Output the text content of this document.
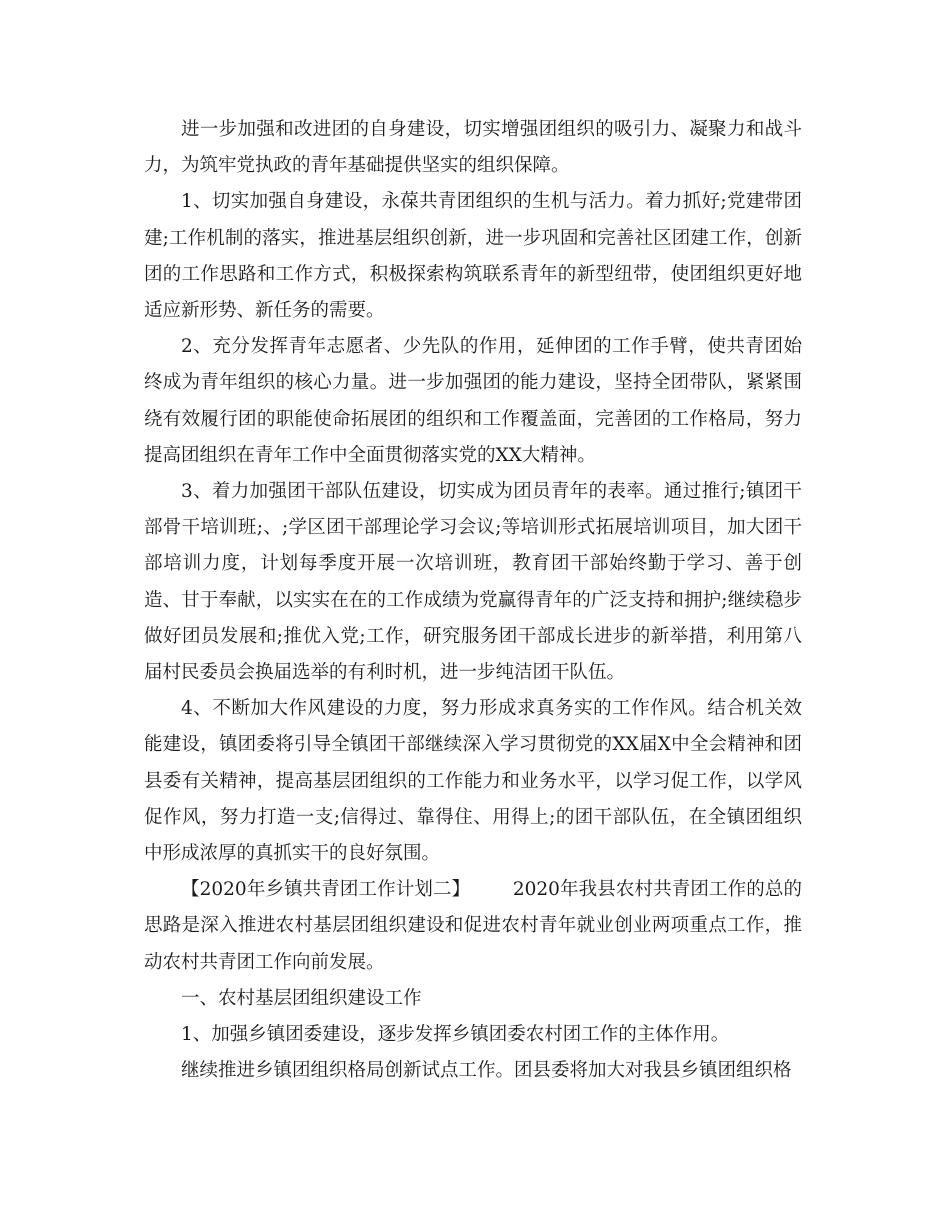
进一步加强和改进团的自身建设，切实增强团组织的吸引力、凝聚力和战斗力，为筑牢党执政的青年基础提供坚实的组织保障。

1、切实加强自身建设，永葆共青团组织的生机与活力。着力抓好;党建带团建;工作机制的落实，推进基层组织创新，进一步巩固和完善社区团建工作，创新团的工作思路和工作方式，积极探索构筑联系青年的新型纽带，使团组织更好地适应新形势、新任务的需要。

2、充分发挥青年志愿者、少先队的作用，延伸团的工作手臂，使共青团始终成为青年组织的核心力量。进一步加强团的能力建设，坚持全团带队，紧紧围绕有效履行团的职能使命拓展团的组织和工作覆盖面，完善团的工作格局，努力提高团组织在青年工作中全面贯彻落实党的XX大精神。

3、着力加强团干部队伍建设，切实成为团员青年的表率。通过推行;镇团干部骨干培训班;、;学区团干部理论学习会议;等培训形式拓展培训项目，加大团干部培训力度，计划每季度开展一次培训班，教育团干部始终勤于学习、善于创造、甘于奉献，以实实在在的工作成绩为党赢得青年的广泛支持和拥护;继续稳步做好团员发展和;推优入党;工作，研究服务团干部成长进步的新举措，利用第八届村民委员会换届选举的有利时机，进一步纯洁团干队伍。

4、不断加大作风建设的力度，努力形成求真务实的工作作风。结合机关效能建设，镇团委将引导全镇团干部继续深入学习贯彻党的XX届X中全会精神和团县委有关精神，提高基层团组织的工作能力和业务水平，以学习促工作，以学风促作风，努力打造一支;信得过、靠得住、用得上;的团干部队伍，在全镇团组织中形成浓厚的真抓实干的良好氛围。

【2020年乡镇共青团工作计划二】 2020年我县农村共青团工作的总的思路是深入推进农村基层团组织建设和促进农村青年就业创业两项重点工作，推动农村共青团工作向前发展。

一、农村基层团组织建设工作

1、加强乡镇团委建设，逐步发挥乡镇团委农村团工作的主体作用。

继续推进乡镇团组织格局创新试点工作。团县委将加大对我县乡镇团组织格
